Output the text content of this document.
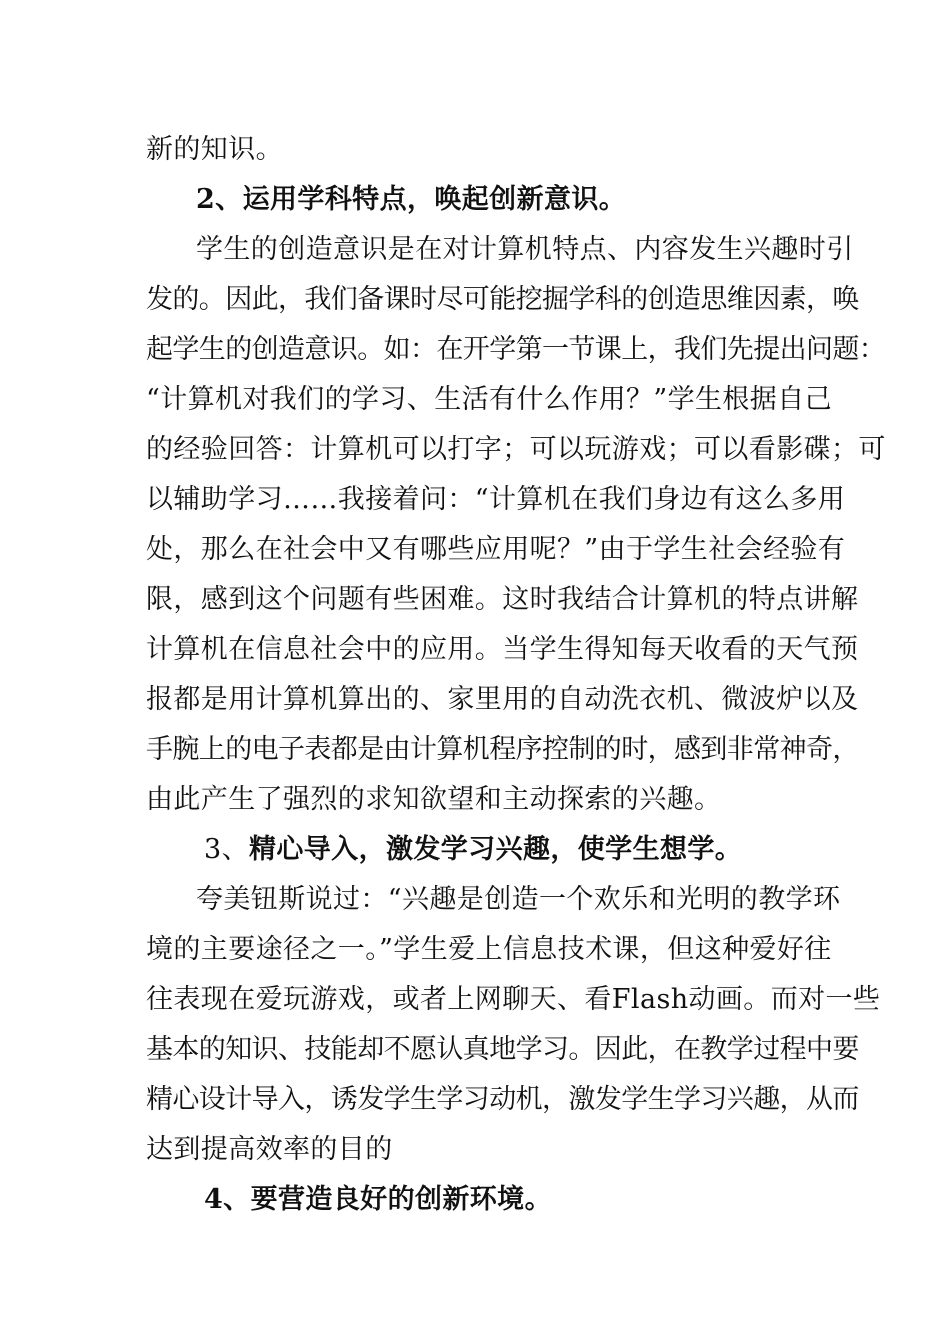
新的知识。
2、运用学科特点，唤起创新意识。
学生的创造意识是在对计算机特点、内容发生兴趣时引
发的。因此，我们备课时尽可能挖掘学科的创造思维因素，唤
起学生的创造意识。如：在开学第一节课上，我们先提出问题：
“计算机对我们的学习、生活有什么作用？”学生根据自己
的经验回答：计算机可以打字；可以玩游戏；可以看影碟；可
以辅助学习……我接着问：“计算机在我们身边有这么多用
处，那么在社会中又有哪些应用呢？”由于学生社会经验有
限，感到这个问题有些困难。这时我结合计算机的特点讲解
计算机在信息社会中的应用。当学生得知每天收看的天气预
报都是用计算机算出的、家里用的自动洗衣机、微波炉以及
手腕上的电子表都是由计算机程序控制的时，感到非常神奇，
由此产生了强烈的求知欲望和主动探索的兴趣。
3、精心导入，激发学习兴趣，使学生想学。
夸美钮斯说过：“兴趣是创造一个欢乐和光明的教学环
境的主要途径之一。”学生爱上信息技术课，但这种爱好往
往表现在爱玩游戏，或者上网聊天、看Flash动画。而对一些
基本的知识、技能却不愿认真地学习。因此，在教学过程中要
精心设计导入，诱发学生学习动机，激发学生学习兴趣，从而
达到提高效率的目的
4、要营造良好的创新环境。
